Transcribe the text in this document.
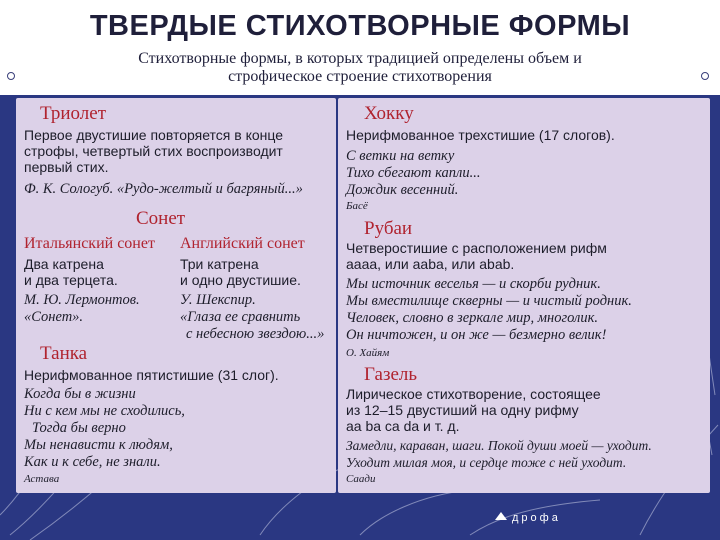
ТВЕРДЫЕ СТИХОТВОРНЫЕ ФОРМЫ
Стихотворные формы, в которых традицией определены объем и строфическое строение стихотворения
Триолет
Первое двустишие повторяется в конце
строфы, четвертый стих воспроизводит
первый стих.
Ф. К. Сологуб. «Рудо-желтый и багряный...»
Сонет
Итальянский сонет Английский сонет
Два катрена
и два терцета.
Три катрена
и одно двустишие.
М. Ю. Лермонтов.
«Сонет».
У. Шекспир.
«Глаза ее сравнить
с небесною звездою...»
Танка
Нерифмованное пятистишие (31 слог).
Когда бы в жизни
Ни с кем мы не сходились,
Тогда бы верно
Мы ненависти к людям,
Как и к себе, не знали.
Астава
Хокку
Нерифмованное трехстишие (17 слогов).
С ветки на ветку
Тихо сбегают капли...
Дождик весенний.
Басё
Рубаи
Четверостишие с расположением рифм
аааа, или ааbа, или abab.
Мы источник веселья — и скорби рудник.
Мы вместилище скверны — и чистый родник.
Человек, словно в зеркале мир, многолик.
Он ничтожен, и он же — безмерно велик!
О. Хайям
Газель
Лирическое стихотворение, состоящее
из 12–15 двустиший на одну рифму
аа ba са da и т. д.
Замедли, караван, шаги. Покой души моей — уходит.
Уходит милая моя, и сердце тоже с ней уходит.
Саади
дрофа
